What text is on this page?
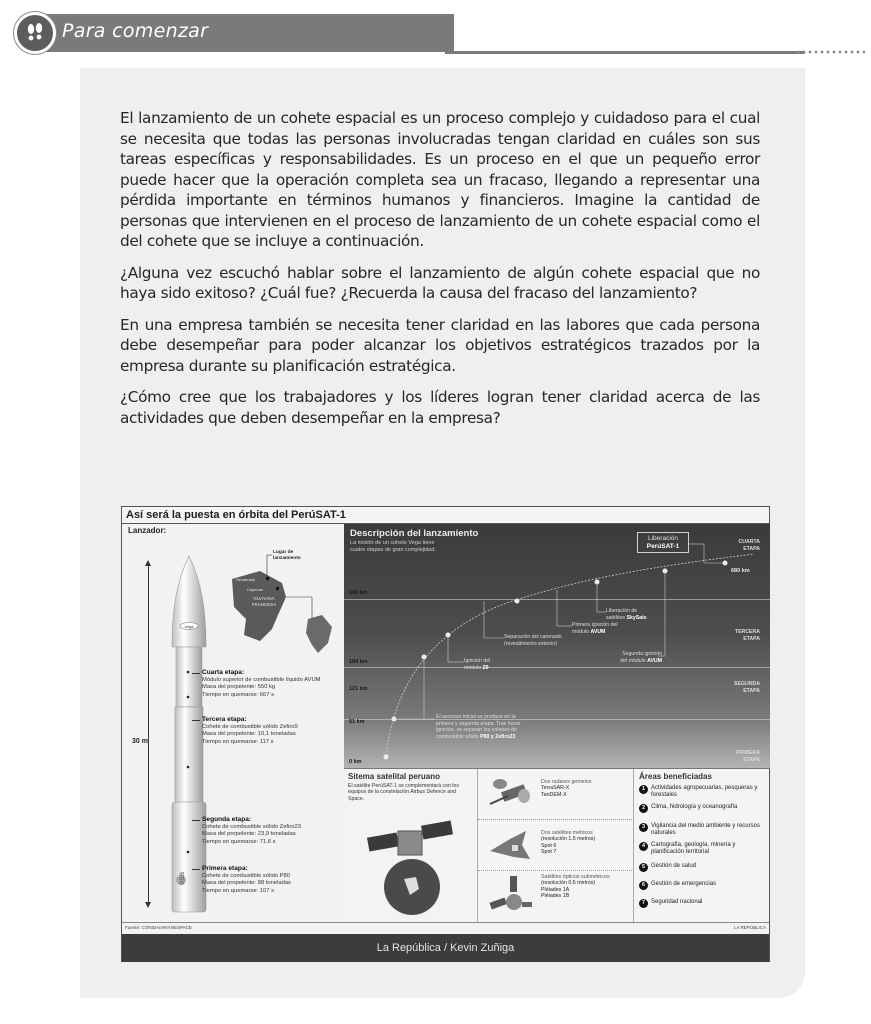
Para comenzar

El lanzamiento de un cohete espacial es un proceso complejo y cuidadoso para el cual se necesita que todas las personas involucradas tengan claridad en cuáles son sus tareas específicas y responsabilidades. Es un proceso en el que un pequeño error puede hacer que la operación completa sea un fracaso, llegando a representar una pérdida importante en términos humanos y financieros. Imagine la cantidad de personas que intervienen en el proceso de lanzamiento de un cohete espacial como el del cohete que se incluye a continuación.

¿Alguna vez escuchó hablar sobre el lanzamiento de algún cohete espacial que no haya sido exitoso? ¿Cuál fue? ¿Recuerda la causa del fracaso del lanzamiento?

En una empresa también se necesita tener claridad en las labores que cada persona debe desempeñar para poder alcanzar los objetivos estratégicos trazados por la empresa durante su planificación estratégica.

¿Cómo cree que los trabajadores y los líderes logran tener claridad acerca de las actividades que deben desempeñar en la empresa?

30 m
vega
esa
Lugar de lanzamiento
Sinnamary
Cayenne
GUAYANA FRANCESA
Cuarta etapa:
Módulo superior de combustible líquido AVUM
Masa del propelente: 550 kg
Tiempo en quemarse: 667 s
Tercera etapa:
Cohete de combustible sólido Zefiro9
Masa del propelente: 10,1 toneladas
Tiempo en quemarse: 117 s
Segunda etapa:
Cohete de combustible sólido Zefiro23
Masa del propelente: 23,9 toneladas
Tiempo en quemarse: 71,6 s
Primera etapa:
Cohete de combustible sólido P80
Masa del propelente: 88 toneladas
Tiempo en quemarse: 107 s
Así será la puesta en órbita del PerúSAT-1
Lanzador:	Descripción del lanzamiento
La misión de un cohete Vega tiene cuatro etapas de gran complejidad.
500 km
184 km
121 km
51 km
0 km
680 km
Liberación
PerúSAT-1
CUARTA ETAPA
TERCERA ETAPA
SEGUNDA ETAPA
PRIMERA ETAPA
Liberación de satélites SkySats
Primera ignición del módulo AVUM
Segunda ignición del módulo AVUM
Separación del carenado (revestimiento exterior)
Ignición del módulo Z9
El ascenso inicial se produce en la primera y segunda etapa. Tras hacer ignición, se separan los cohetes de combustible sólido P80 y Zefiro23
Sitema satelital peruano
El satélite PerúSAT-1 se complementará con los equipos de la constelación Airbus Defence and Space.
Dos radares gemelos
TerraSAR-X
TanDEM-X
Dos satélites métricos
(resolución 1.5 metros)
Spot 6
Spot 7
Satélites ópticos submétricos
(resolución 0.5 metros)
Pléiades 1A
Pléiades 1B
Áreas beneficiadas
1 Actividades agropecuarias, pesqueras y forestales
2 Clima, hidrología y oceanografía
3 Vigilancia del medio ambiente y recursos naturales
4 Cartografía, geología, minería y planificación territorial
5 Gestión de salud
6 Gestión de emergencias
7 Seguridad nacional
Fuente: CONIDA/ARIANESPACE	LA REPÚBLICA
La República / Kevin Zuñiga
